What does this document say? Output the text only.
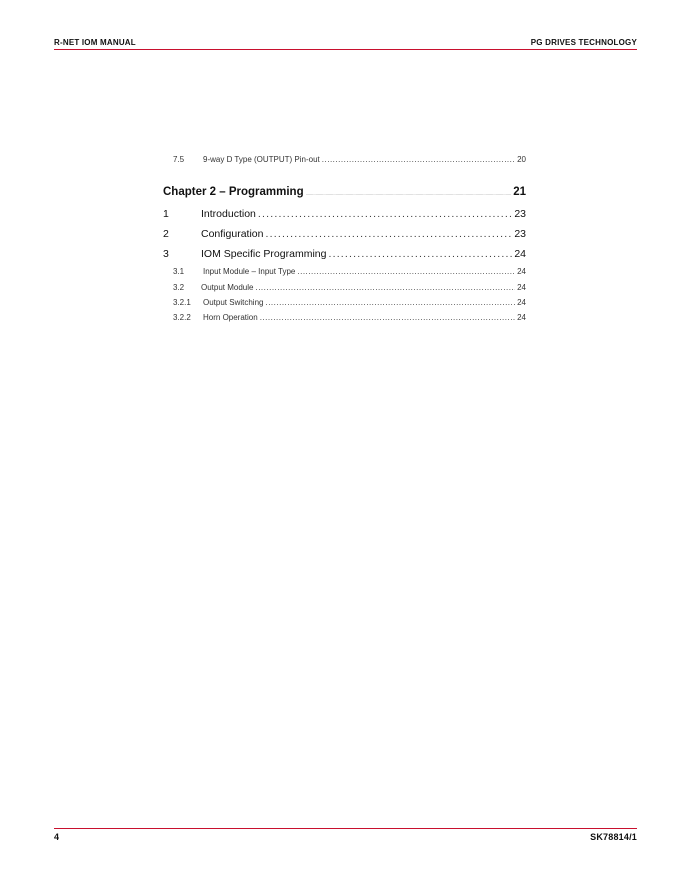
R-NET IOM MANUAL	PG DRIVES TECHNOLOGY
7.5	9-way D Type (OUTPUT) Pin-out .....	20
Chapter 2 – Programming .....	21
1	Introduction .....	23
2	Configuration .....	23
3	IOM Specific Programming .....	24
3.1	Input Module – Input Type .....	24
3.2	Output Module .....	24
3.2.1	Output Switching .....	24
3.2.2	Horn Operation .....	24
4	SK78814/1
